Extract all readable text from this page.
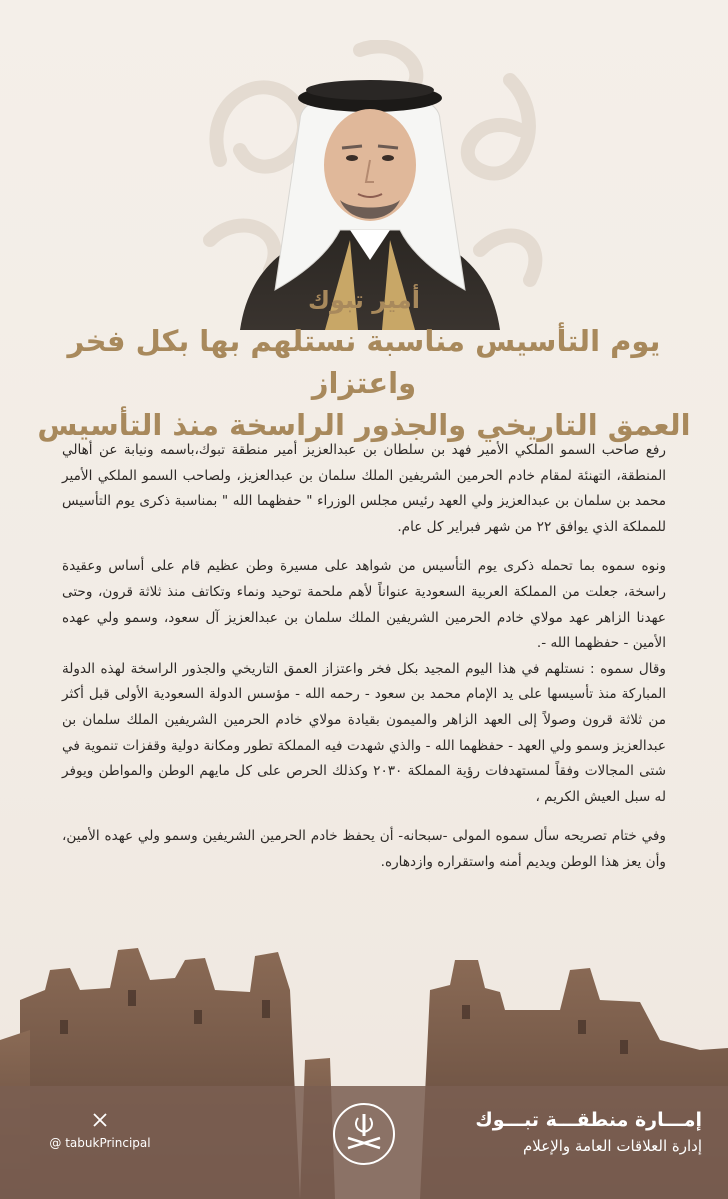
أمير تبوك
يوم التأسيس مناسبة نستلهم بها بكل فخر واعتزاز
العمق التاريخي والجذور الراسخة منذ التأسيس

رفع صاحب السمو الملكي الأمير فهد بن سلطان بن عبدالعزيز أمير منطقة تبوك،باسمه ونيابة عن أهالي المنطقة، التهنئة لمقام خادم الحرمين الشريفين الملك سلمان بن عبدالعزيز، ولصاحب السمو الملكي الأمير محمد بن سلمان بن عبدالعزيز ولي العهد رئيس مجلس الوزراء " حفظهما الله " بمناسبة ذكرى يوم التأسيس للمملكة الذي يوافق ٢٢ من شهر فبراير كل عام.

ونوه سموه بما تحمله ذكرى يوم التأسيس من شواهد على مسيرة وطن عظيم قام على أساس وعقيدة راسخة، جعلت من المملكة العربية السعودية عنواناً لأهم ملحمة توحيد ونماء وتكاتف منذ ثلاثة قرون، وحتى عهدنا الزاهر عهد مولاي خادم الحرمين الشريفين الملك سلمان بن عبدالعزيز آل سعود، وسمو ولي عهده الأمين - حفظهما الله -.

وقال سموه : نستلهم في هذا اليوم المجيد بكل فخر واعتزاز العمق التاريخي والجذور الراسخة لهذه الدولة المباركة منذ تأسيسها على يد الإمام محمد بن سعود - رحمه الله - مؤسس الدولة السعودية الأولى قبل أكثر من ثلاثة قرون وصولاً إلى العهد الزاهر والميمون بقيادة مولاي خادم الحرمين الشريفين الملك سلمان بن عبدالعزيز وسمو ولي العهد - حفظهما الله - والذي شهدت فيه المملكة تطور ومكانة دولية وقفزات تنموية في شتى المجالات وفقاً لمستهدفات رؤية المملكة ٢٠٣٠ وكذلك الحرص على كل مايهم الوطن والمواطن ويوفر له سبل العيش الكريم ،

وفي ختام تصريحه سأل سموه المولى -سبحانه- أن يحفظ خادم الحرمين الشريفين وسمو ولي عهده الأمين، وأن يعز هذا الوطن ويديم أمنه واستقراره وازدهاره.

@ tabukPrincipal
إمـــارة منطقـــة تبـــوك
إدارة العلاقات العامة والإعلام
